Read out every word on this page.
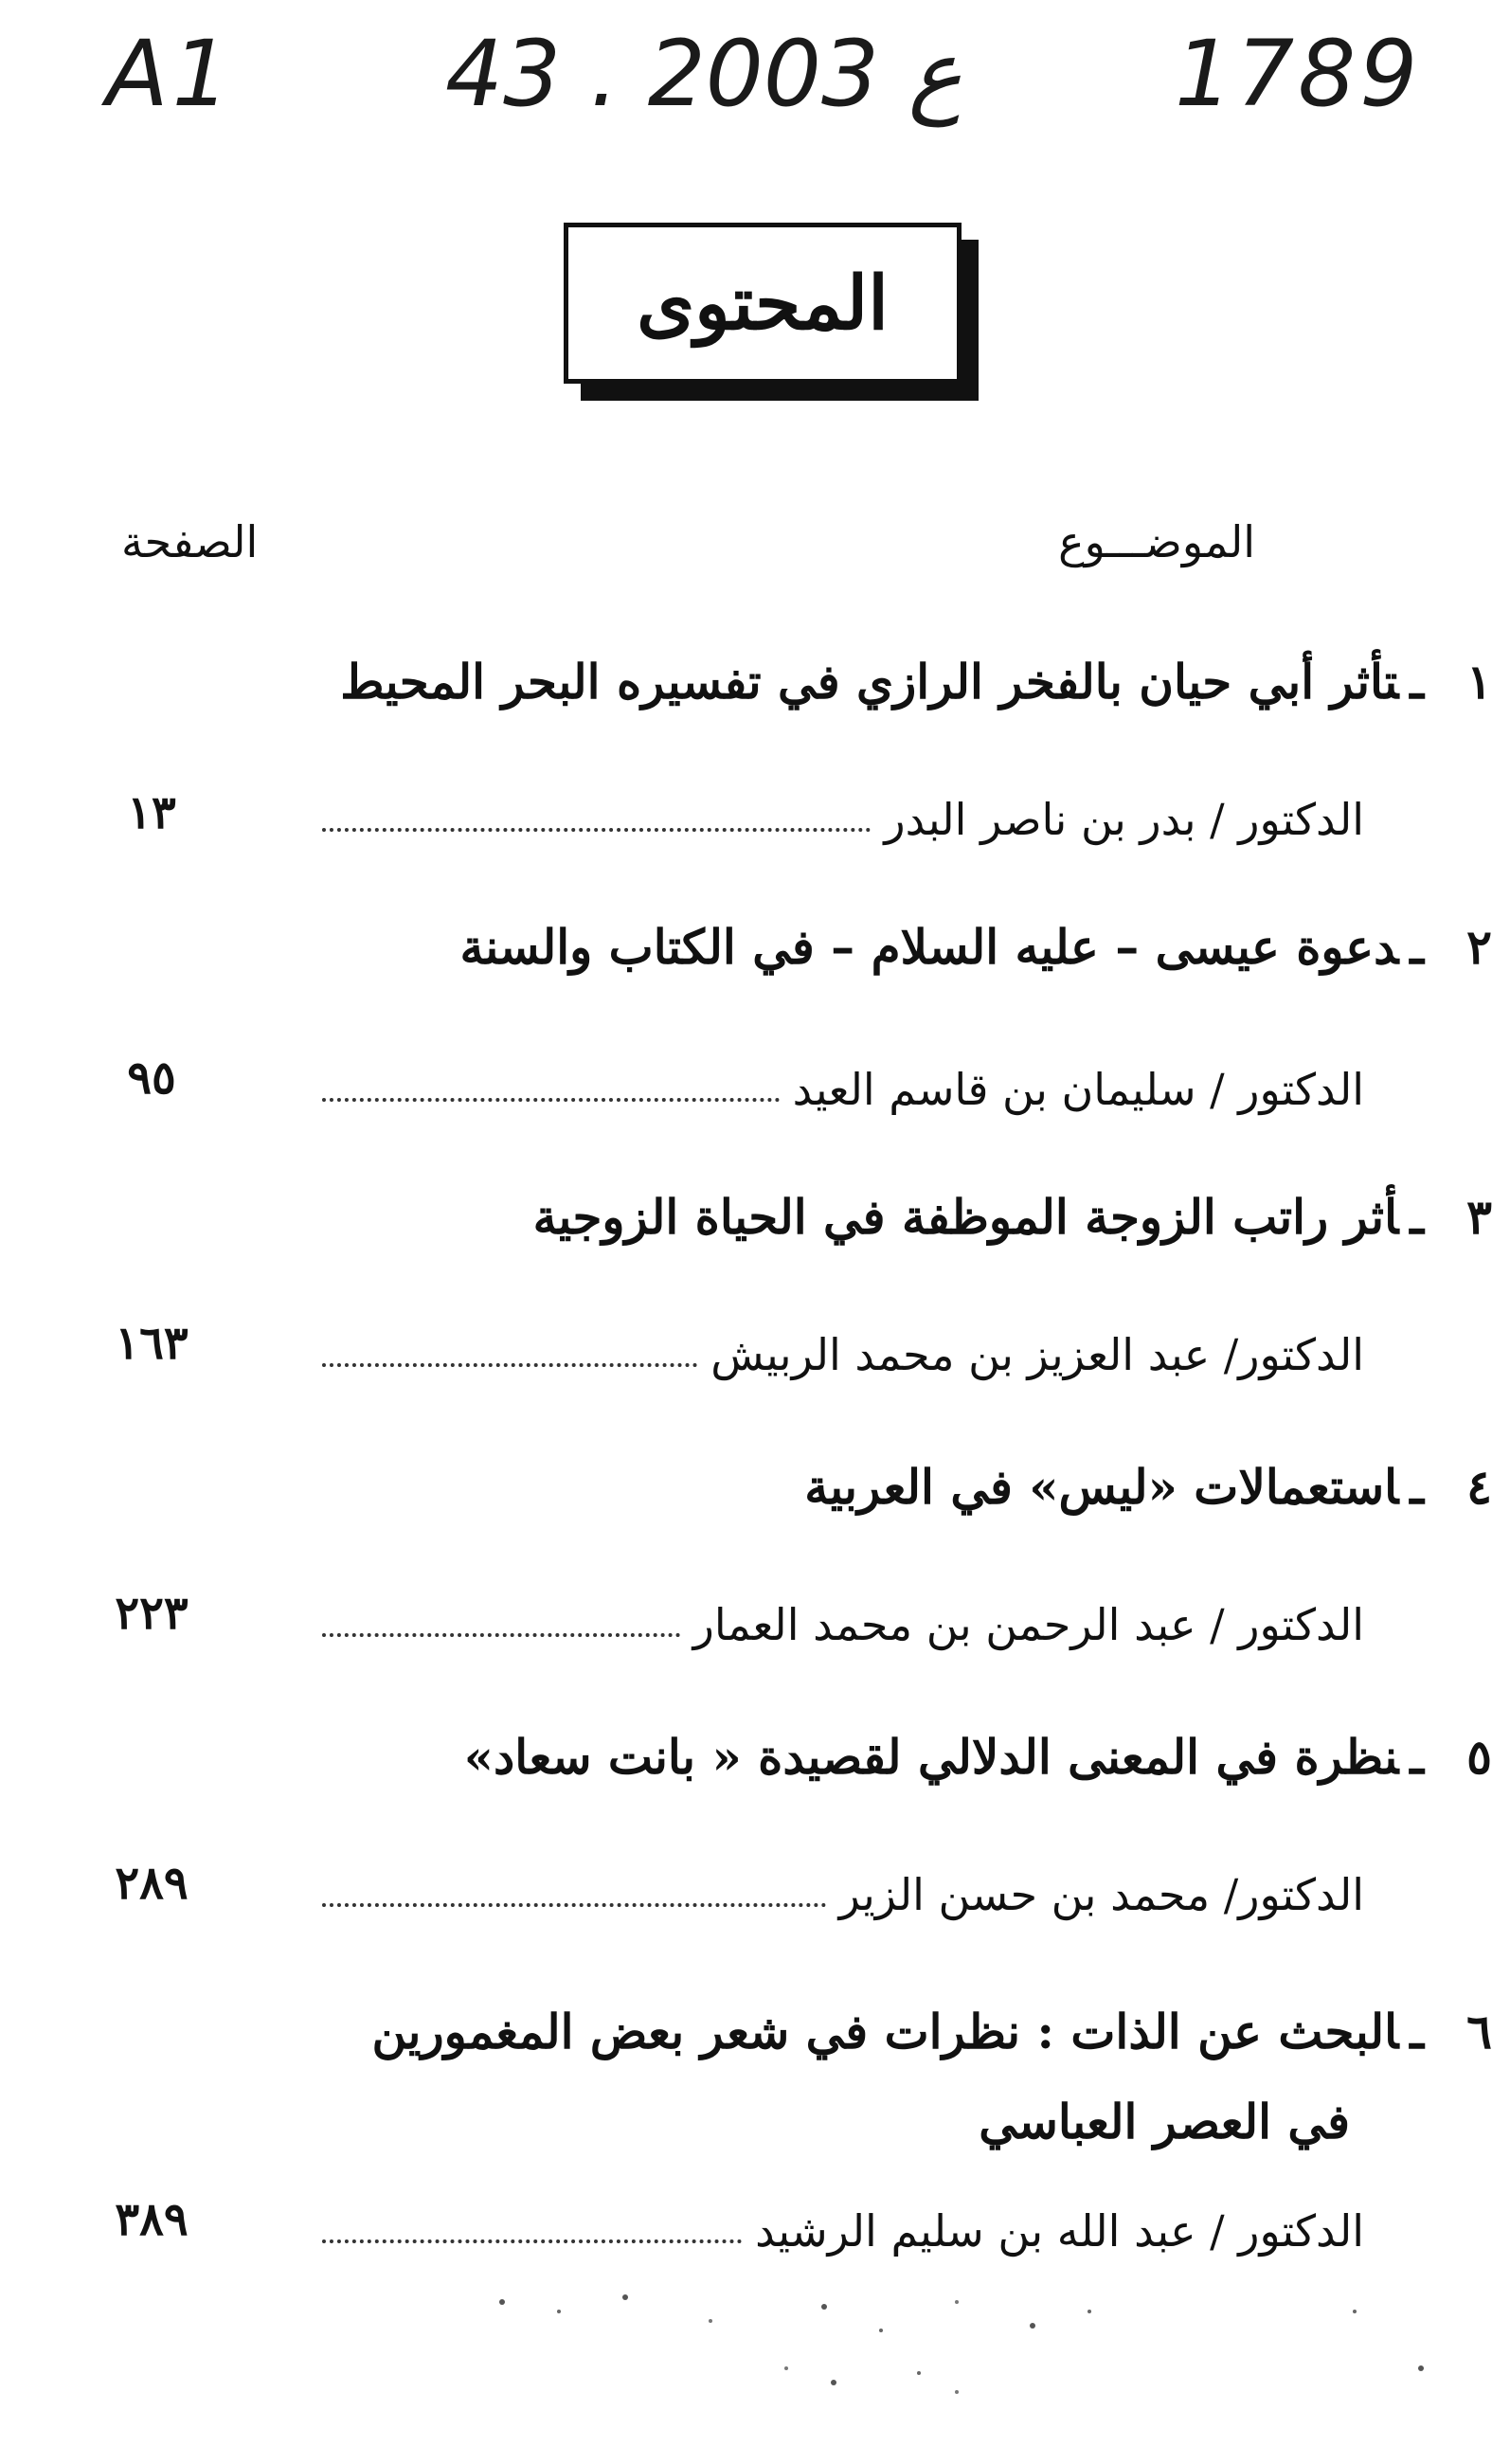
A1 43 . ع 2003 1789
المحتوى
الموضـــوع
الصفحة
١ـتأثر أبي حيان بالفخر الرازي في تفسيره البحر المحيط
الدكتور / بدر بن ناصر البدر
١٣
٢ـدعوة عيسى – عليه السلام – في الكتاب والسنة
الدكتور / سليمان بن قاسم العيد
٩٥
٣ـأثر راتب الزوجة الموظفة في الحياة الزوجية
الدكتور/ عبد العزيز بن محمد الربيش
١٦٣
٤ـاستعمالات «ليس» في العربية
الدكتور / عبد الرحمن بن محمد العمار
٢٢٣
٥ـنظرة في المعنى الدلالي لقصيدة « بانت سعاد»
الدكتور/ محمد بن حسن الزير
٢٨٩
٦ـالبحث عن الذات : نظرات في شعر بعض المغمورين
في العصر العباسي
الدكتور / عبد الله بن سليم الرشيد
٣٨٩
